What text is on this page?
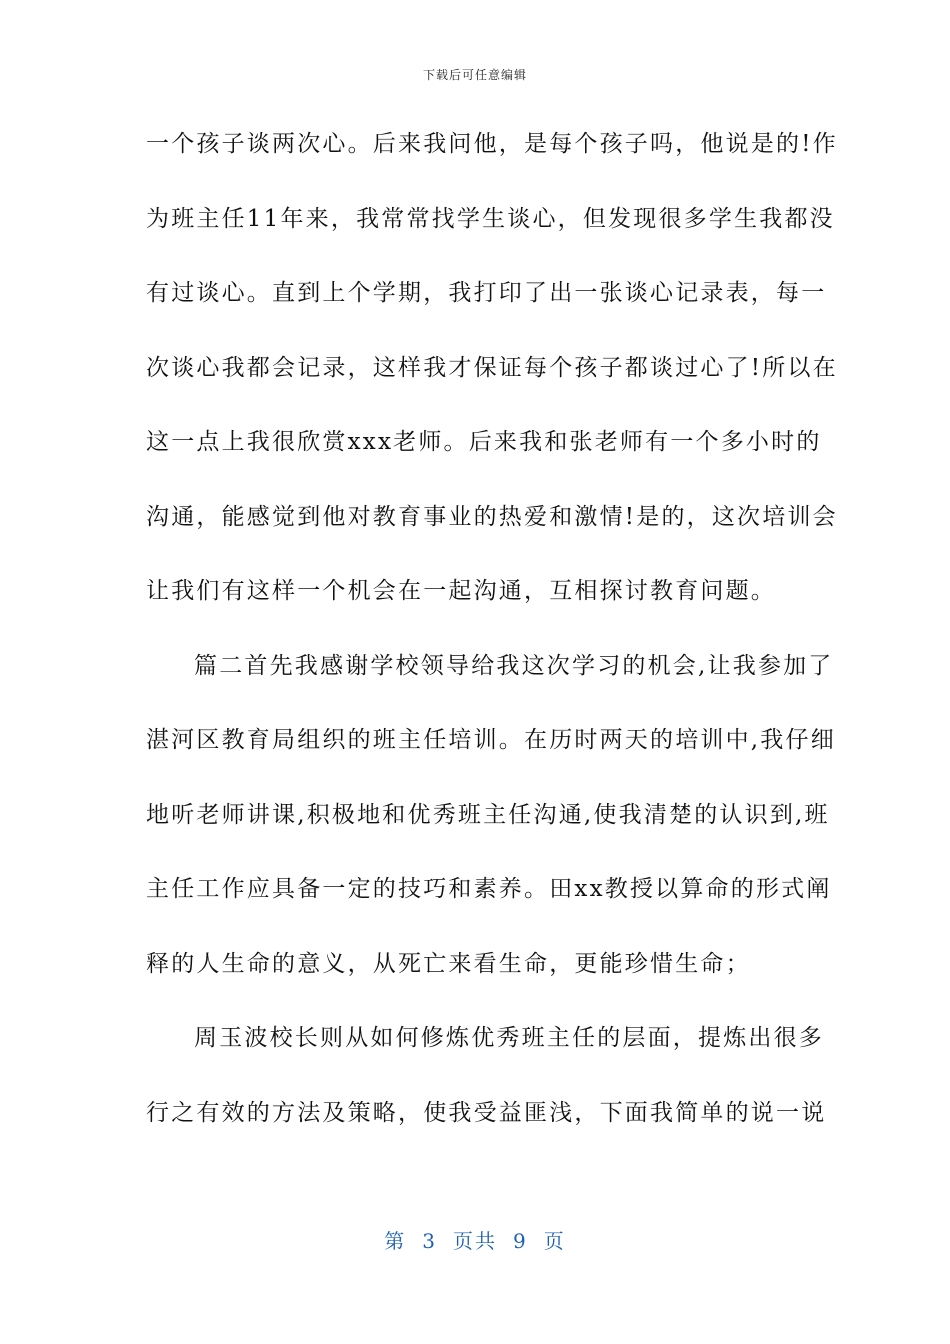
下载后可任意编辑
一个孩子谈两次心。后来我问他，是每个孩子吗，他说是的!作
为班主任11年来，我常常找学生谈心，但发现很多学生我都没
有过谈心。直到上个学期，我打印了出一张谈心记录表，每一
次谈心我都会记录，这样我才保证每个孩子都谈过心了!所以在
这一点上我很欣赏xxx老师。后来我和张老师有一个多小时的
沟通，能感觉到他对教育事业的热爱和激情!是的，这次培训会
让我们有这样一个机会在一起沟通，互相探讨教育问题。
篇二首先我感谢学校领导给我这次学习的机会,让我参加了
湛河区教育局组织的班主任培训。在历时两天的培训中,我仔细
地听老师讲课,积极地和优秀班主任沟通,使我清楚的认识到,班
主任工作应具备一定的技巧和素养。田xx教授以算命的形式阐
释的人生命的意义，从死亡来看生命，更能珍惜生命；
周玉波校长则从如何修炼优秀班主任的层面，提炼出很多
行之有效的方法及策略，使我受益匪浅，下面我简单的说一说
第 3 页共 9 页
